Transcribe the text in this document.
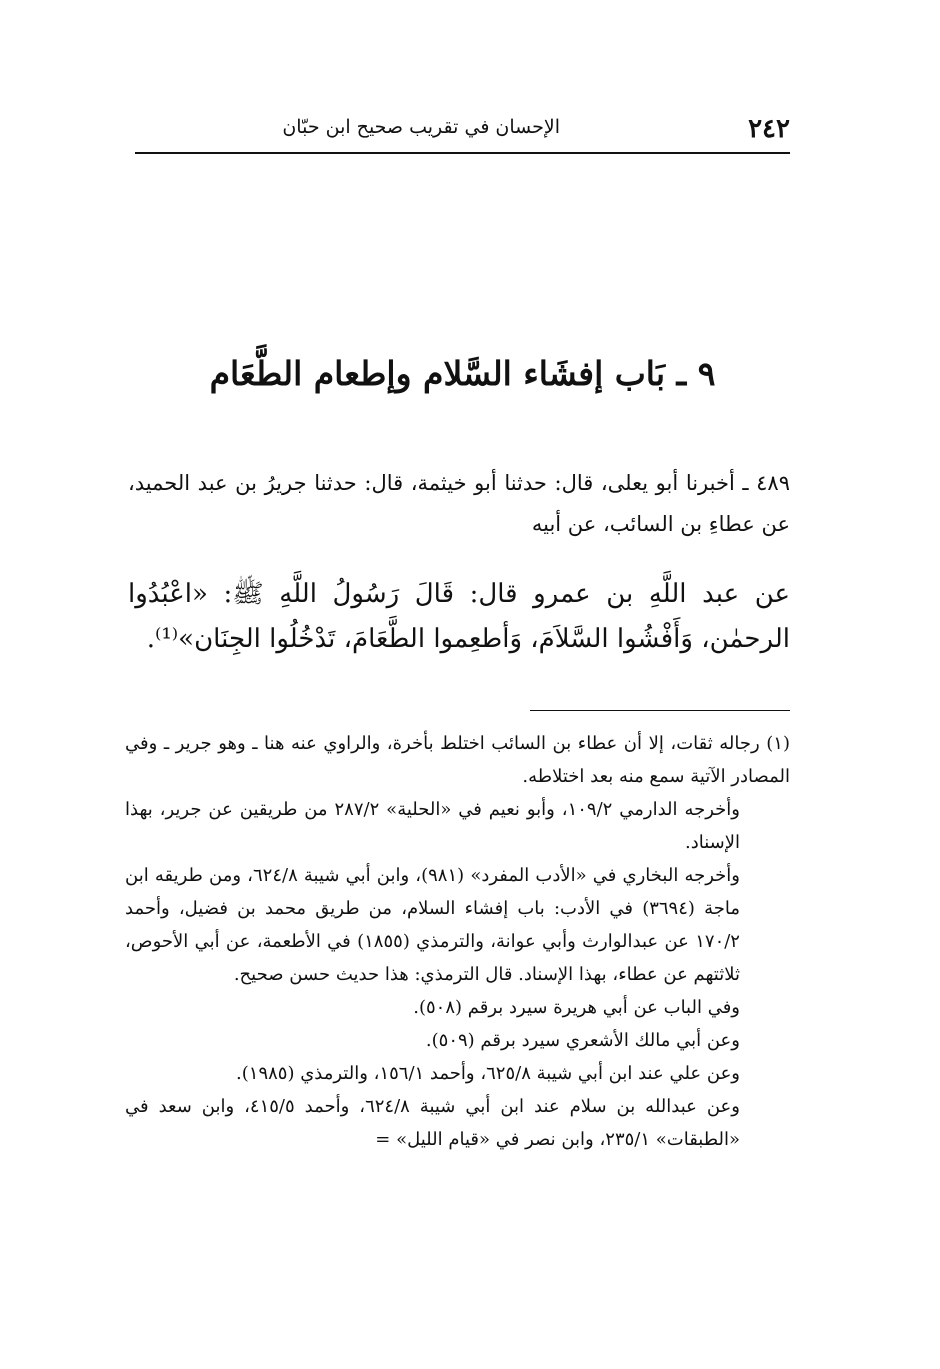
٢٤٢
الإحسان في تقريب صحيح ابن حبّان
٩ ـ بَاب إفشَاء السَّلام وإطعام الطَّعَام

٤٨٩ ـ أخبرنا أبو يعلى، قال: حدثنا أبو خيثمة، قال: حدثنا جريرُ بن عبد الحميد، عن عطاءِ بن السائب، عن أبيه

عن عبد اللَّهِ بن عمرو قال: قَالَ رَسُولُ اللَّهِ ﷺ: «اعْبُدُوا الرحمٰن، وَأَفْشُوا السَّلاَمَ، وَأطعِموا الطَّعَامَ، تَدْخُلُوا الجِنَان»⁽¹⁾.

(١) رجاله ثقات، إلا أن عطاء بن السائب اختلط بأخرة، والراوي عنه هنا ـ وهو جرير ـ وفي المصادر الآتية سمع منه بعد اختلاطه.

وأخرجه الدارمي ١٠٩/٢، وأبو نعيم في «الحلية» ٢٨٧/٢ من طريقين عن جرير، بهذا الإسناد.

وأخرجه البخاري في «الأدب المفرد» (٩٨١)، وابن أبي شيبة ٦٢٤/٨، ومن طريقه ابن ماجة (٣٦٩٤) في الأدب: باب إفشاء السلام، من طريق محمد بن فضيل، وأحمد ١٧٠/٢ عن عبدالوارث وأبي عوانة، والترمذي (١٨٥٥) في الأطعمة، عن أبي الأحوص، ثلاثتهم عن عطاء، بهذا الإسناد. قال الترمذي: هذا حديث حسن صحيح.

وفي الباب عن أبي هريرة سيرد برقم (٥٠٨).

وعن أبي مالك الأشعري سيرد برقم (٥٠٩).

وعن علي عند ابن أبي شيبة ٦٢٥/٨، وأحمد ١٥٦/١، والترمذي (١٩٨٥).

وعن عبدالله بن سلام عند ابن أبي شيبة ٦٢٤/٨، وأحمد ٤١٥/٥، وابن سعد في «الطبقات» ٢٣٥/١، وابن نصر في «قيام الليل» =
